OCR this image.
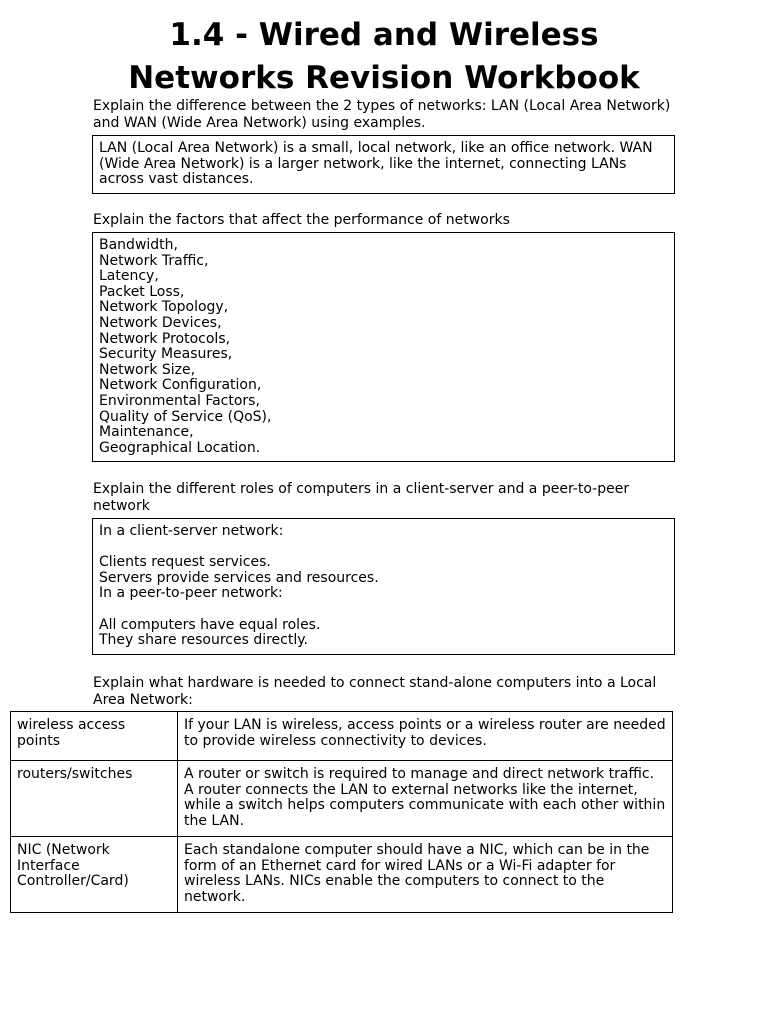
1.4 - Wired and Wireless
Networks Revision Workbook

Explain the difference between the 2 types of networks: LAN (Local Area Network) and WAN (Wide Area Network) using examples.

LAN (Local Area Network) is a small, local network, like an office network. WAN
(Wide Area Network) is a larger network, like the internet, connecting LANs
across vast distances.

Explain the factors that affect the performance of networks

Bandwidth,
Network Traffic,
Latency,
Packet Loss,
Network Topology,
Network Devices,
Network Protocols,
Security Measures,
Network Size,
Network Configuration,
Environmental Factors,
Quality of Service (QoS),
Maintenance,
Geographical Location.

Explain the different roles of computers in a client-server and a peer-to-peer network

In a client-server network:
Clients request services.
Servers provide services and resources.
In a peer-to-peer network:
All computers have equal roles.
They share resources directly.

Explain what hardware is needed to connect stand-alone computers into a Local Area Network:

wireless access points	If your LAN is wireless, access points or a wireless router are needed to provide wireless connectivity to devices.
routers/switches	A router or switch is required to manage and direct network traffic. A router connects the LAN to external networks like the internet, while a switch helps computers communicate with each other within the LAN.
NIC (Network Interface Controller/Card)	Each standalone computer should have a NIC, which can be in the form of an Ethernet card for wired LANs or a Wi-Fi adapter for wireless LANs. NICs enable the computers to connect to the network.
